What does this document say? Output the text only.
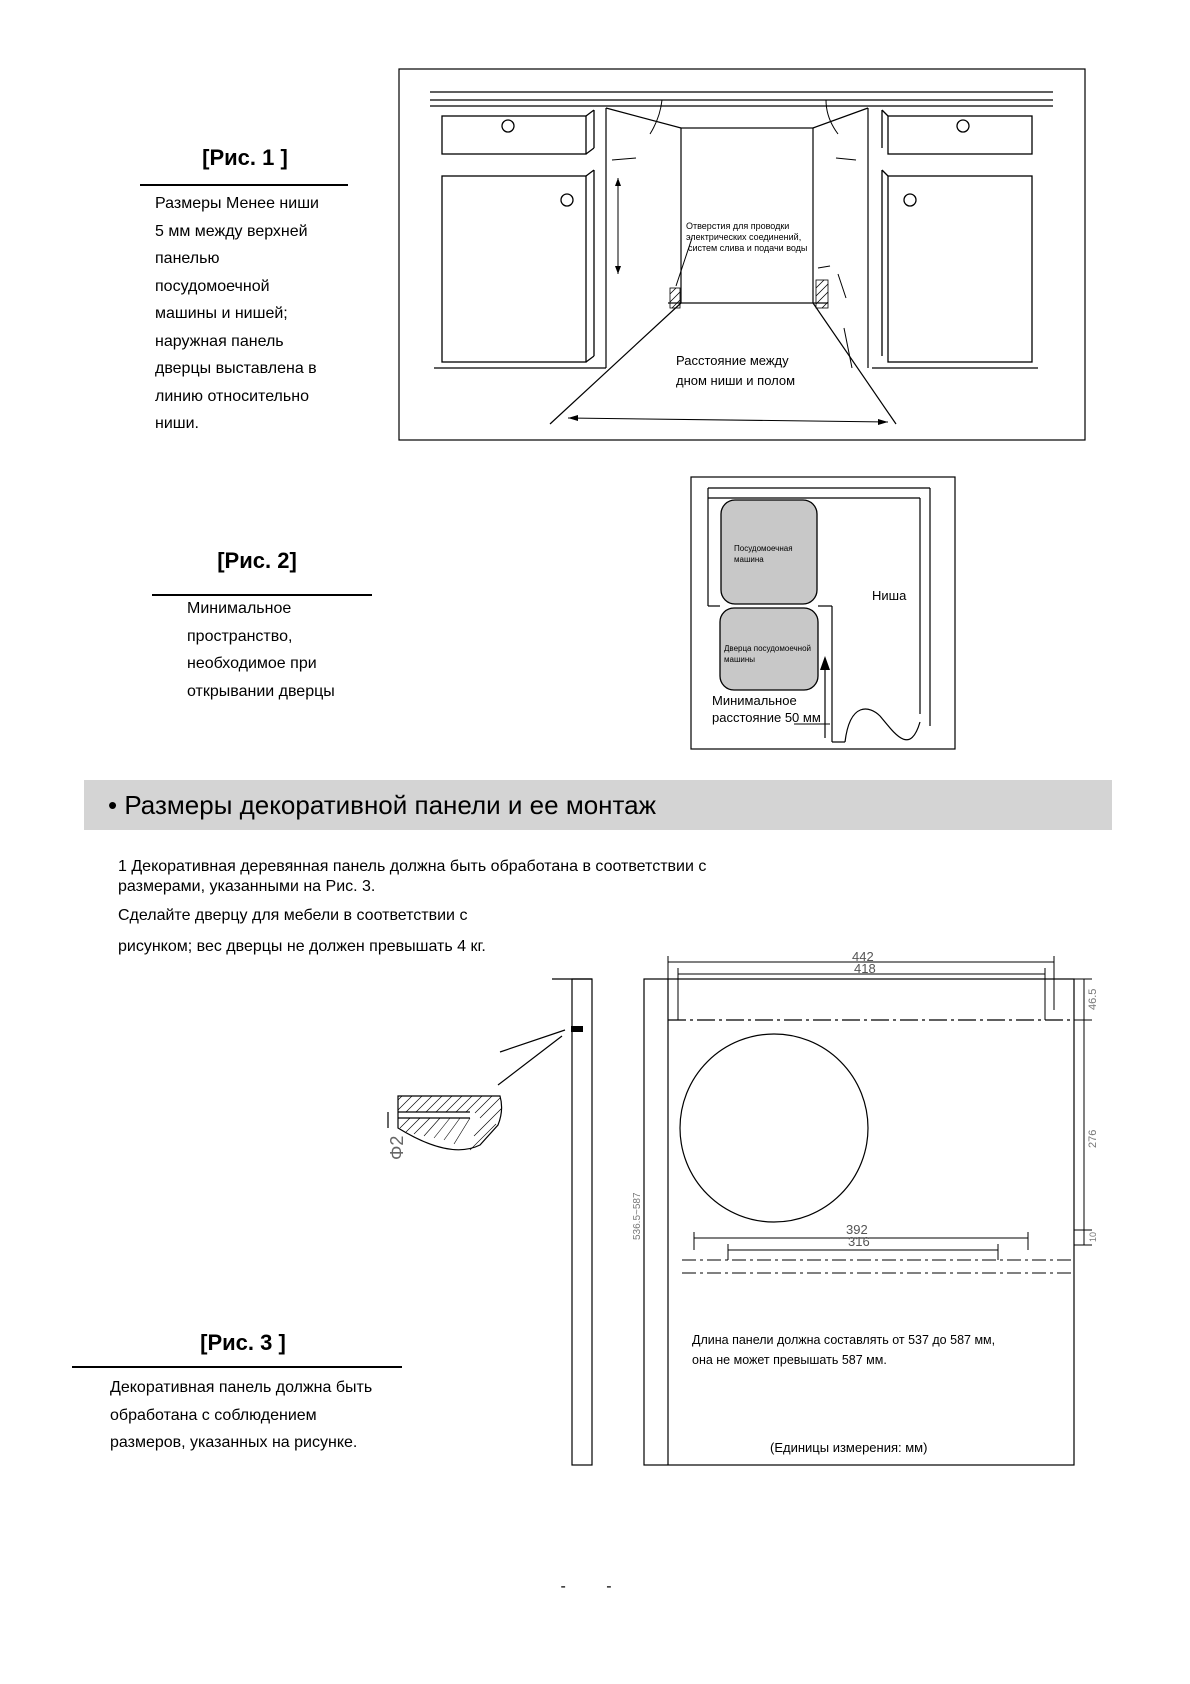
[Рис. 1 ]
Размеры Менее ниши
5 мм между верхней
панелью
посудомоечной
машины и нишей;
наружная панель
дверцы выставлена в
линию относительно
ниши.
Отверстия для проводки
электрических соединений,
систем слива и подачи воды
Расстояние между
дном ниши и полом
[Рис. 2]
Минимальное
пространство,
необходимое при
открывании дверцы
Посудомоечная
машина
Дверца посудомоечной
машины
Ниша
Минимальное
расстояние 50 мм
• Размеры декоративной панели и ее монтаж
1 Декоративная деревянная панель должна быть обработана в соответствии с
размерами, указанными на Рис. 3.
Сделайте дверцу для мебели в соответствии с
рисунком; вес дверцы не должен превышать 4 кг.
Φ2
442
418
46.5
276
10
536.5~587	392
316
Длина панели должна составлять от 537 до 587 мм,
она не может превышать 587 мм.
[Рис. 3 ]
Декоративная панель должна быть
обработана с соблюдением
размеров, указанных на рисунке.	(Единицы измерения: мм)
- -
